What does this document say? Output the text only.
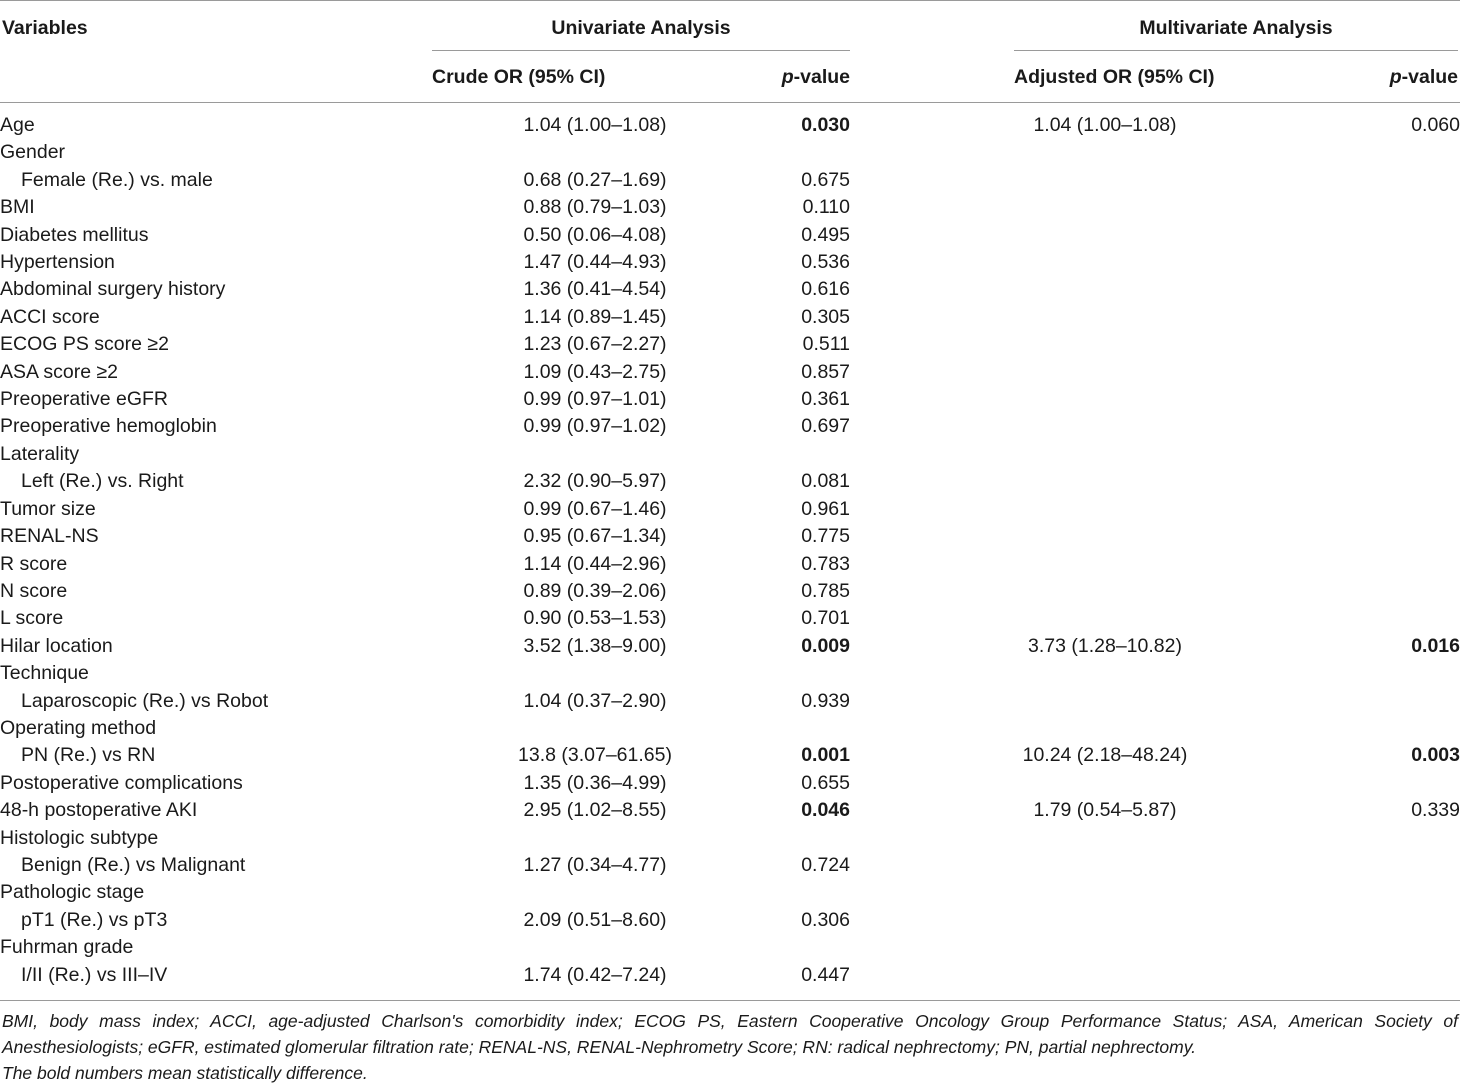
Variables	Univariate Analysis	Multivariate Analysis
Crude OR (95% CI)	p-value	Adjusted OR (95% CI)	p-value
Age	1.04 (1.00–1.08)	0.030	1.04 (1.00–1.08)	0.060
Gender				
Female (Re.) vs. male	0.68 (0.27–1.69)	0.675		
BMI	0.88 (0.79–1.03)	0.110		
Diabetes mellitus	0.50 (0.06–4.08)	0.495		
Hypertension	1.47 (0.44–4.93)	0.536		
Abdominal surgery history	1.36 (0.41–4.54)	0.616		
ACCI score	1.14 (0.89–1.45)	0.305		
ECOG PS score ≥2	1.23 (0.67–2.27)	0.511		
ASA score ≥2	1.09 (0.43–2.75)	0.857		
Preoperative eGFR	0.99 (0.97–1.01)	0.361		
Preoperative hemoglobin	0.99 (0.97–1.02)	0.697		
Laterality				
Left (Re.) vs. Right	2.32 (0.90–5.97)	0.081		
Tumor size	0.99 (0.67–1.46)	0.961		
RENAL-NS	0.95 (0.67–1.34)	0.775		
R score	1.14 (0.44–2.96)	0.783		
N score	0.89 (0.39–2.06)	0.785		
L score	0.90 (0.53–1.53)	0.701		
Hilar location	3.52 (1.38–9.00)	0.009	3.73 (1.28–10.82)	0.016
Technique				
Laparoscopic (Re.) vs Robot	1.04 (0.37–2.90)	0.939		
Operating method				
PN (Re.) vs RN	13.8 (3.07–61.65)	0.001	10.24 (2.18–48.24)	0.003
Postoperative complications	1.35 (0.36–4.99)	0.655		
48-h postoperative AKI	2.95 (1.02–8.55)	0.046	1.79 (0.54–5.87)	0.339
Histologic subtype				
Benign (Re.) vs Malignant	1.27 (0.34–4.77)	0.724		
Pathologic stage				
pT1 (Re.) vs pT3	2.09 (0.51–8.60)	0.306		
Fuhrman grade				
I/II (Re.) vs III–IV	1.74 (0.42–7.24)	0.447		

BMI, body mass index; ACCI, age-adjusted Charlson's comorbidity index; ECOG PS, Eastern Cooperative Oncology Group Performance Status; ASA, American Society of Anesthesiologists; eGFR, estimated glomerular filtration rate; RENAL-NS, RENAL-Nephrometry Score; RN: radical nephrectomy; PN, partial nephrectomy.

The bold numbers mean statistically difference.
